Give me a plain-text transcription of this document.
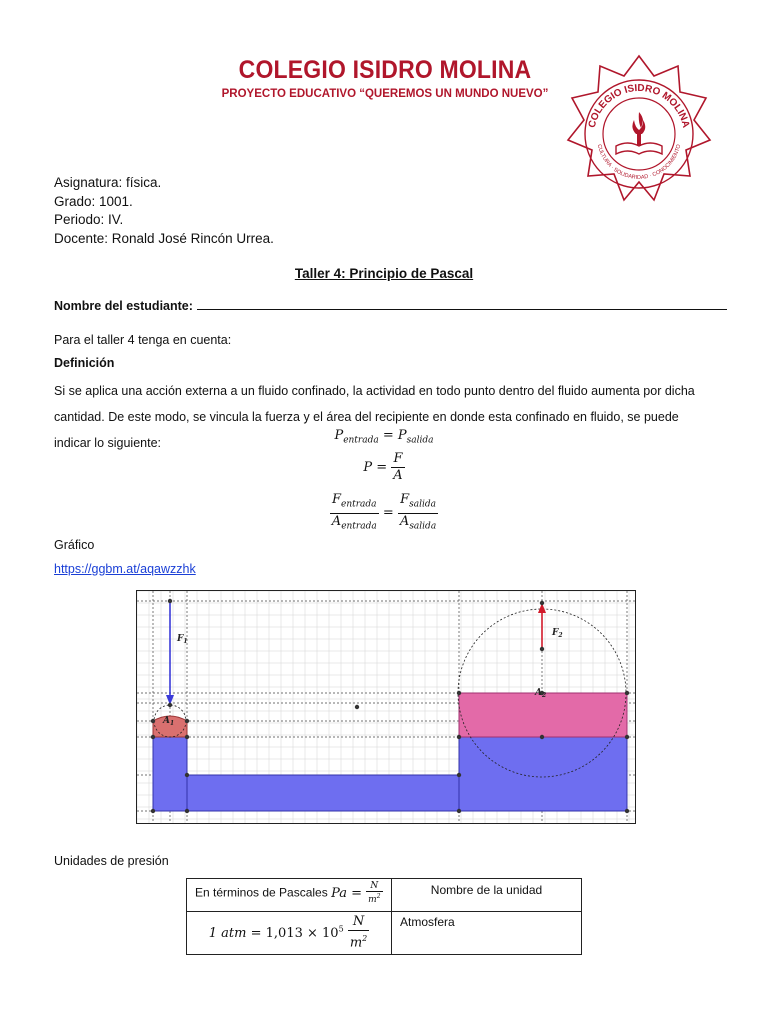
COLEGIO ISIDRO MOLINA
PROYECTO EDUCATIVO “QUEREMOS UN MUNDO NUEVO”
COLEGIO ISIDRO MOLINA
CULTURA · SOLIDARIDAD · CONOCIMIENTO
Asignatura: física.
Grado: 1001.
Periodo: IV.
Docente: Ronald José Rincón Urrea.
Taller 4: Principio de Pascal
Nombre del estudiante:
Para el taller 4 tenga en cuenta:
Definición
Si se aplica una acción externa a un fluido confinado, la actividad en todo punto dentro del fluido aumenta por dicha cantidad. De este modo, se vincula la fuerza y el área del recipiente en donde esta confinado en fluido, se puede indicar lo siguiente:	$P_{entrada} = P_{salida}$
$P = \frac{F}{A}$
$\frac{F_{entrada}}{A_{entrada}} = \frac{F_{salida}}{A_{salida}}$
Gráfico
https://ggbm.at/aqawzzhk
$F_1$
$A_1$
$F_2$
$A_2$
Unidades de presión
En términos de Pascales $Pa = \frac{N}{m^2}$	Nombre de la unidad
1 atm = $1,013 \times 10^5 \frac{N}{m^2}$	Atmosfera
